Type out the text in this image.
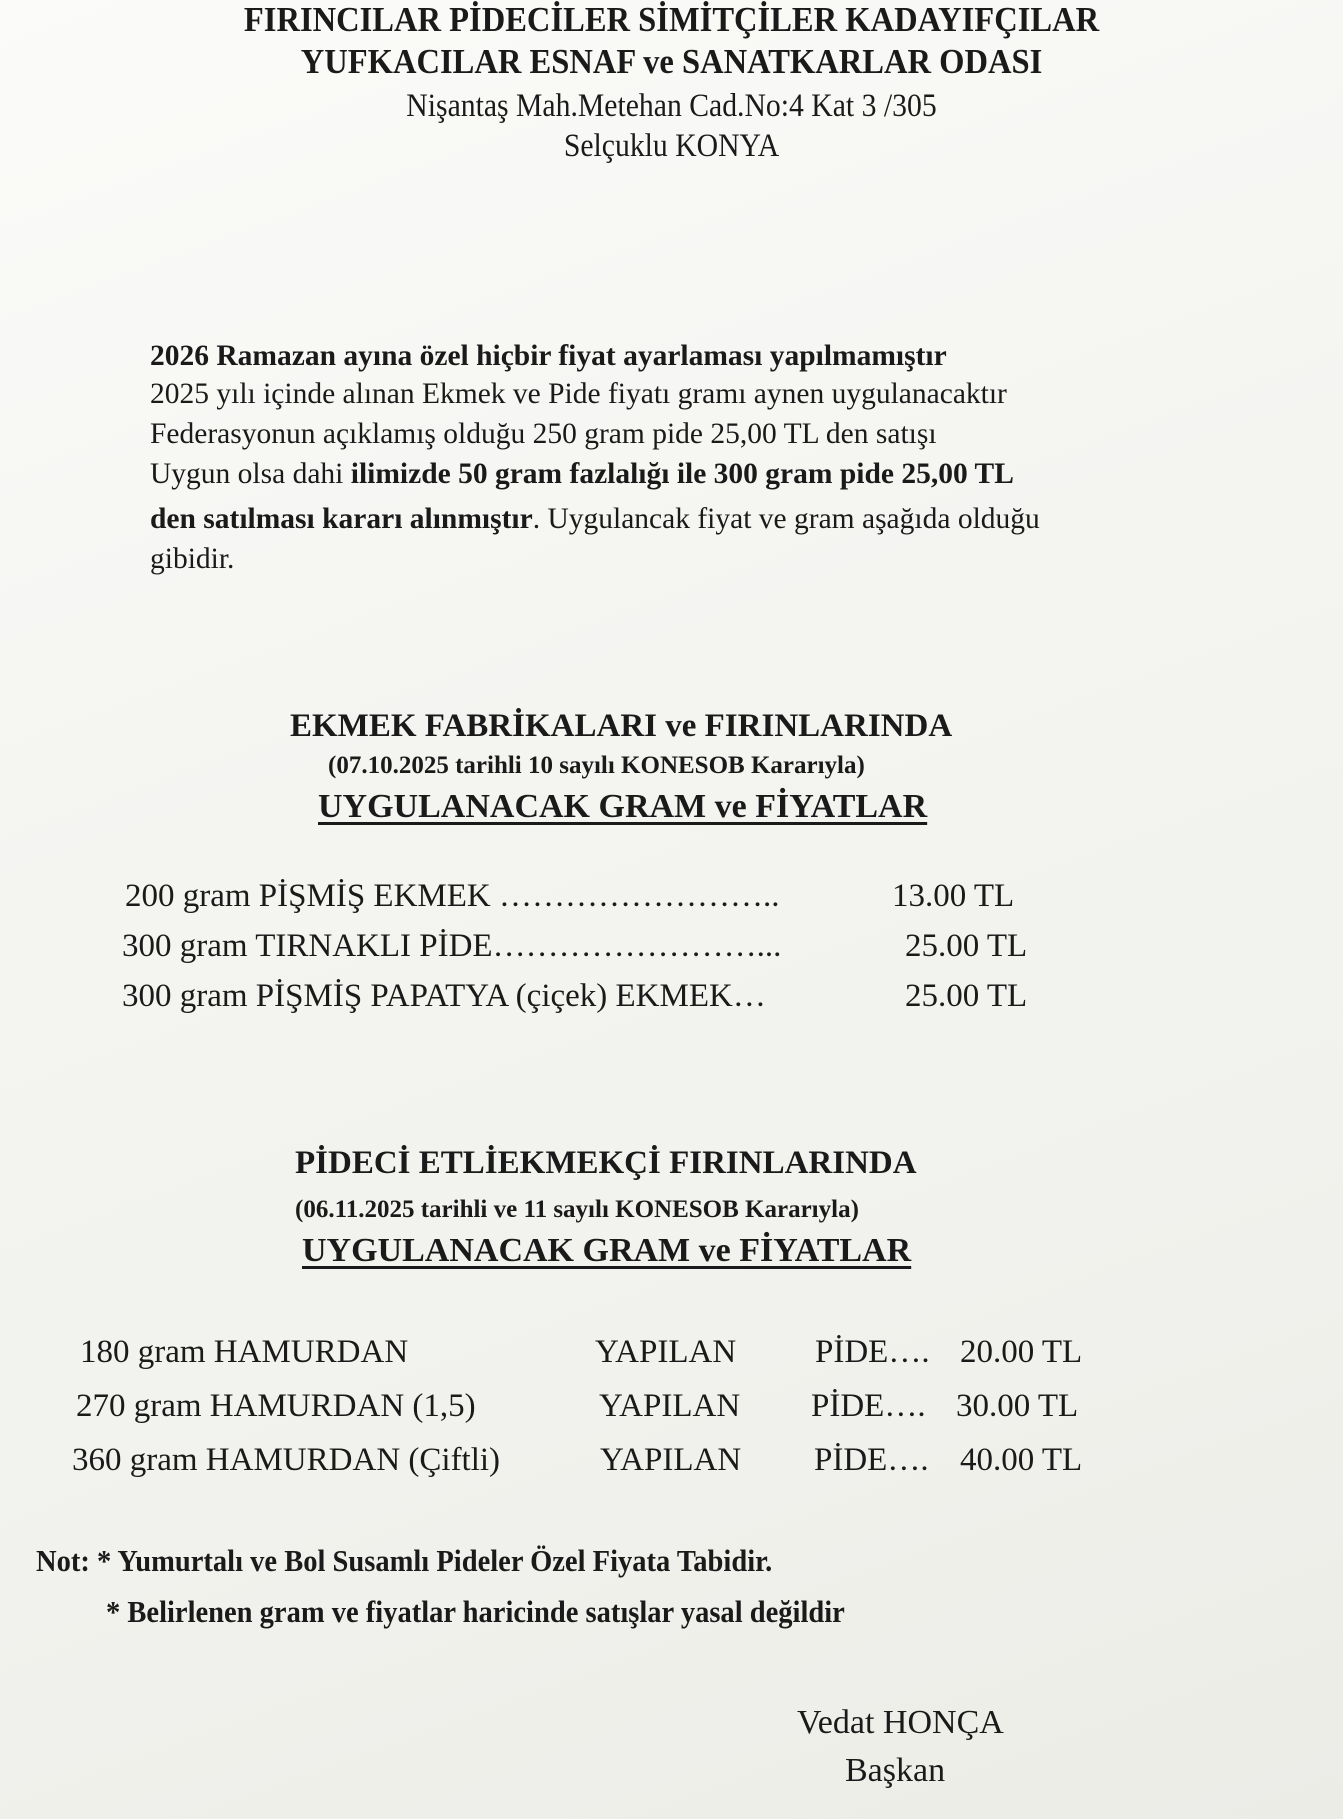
FIRINCILAR PİDECİLER SİMİTÇİLER KADAYIFÇILAR
YUFKACILAR ESNAF ve SANATKARLAR ODASI
Nişantaş Mah.Metehan Cad.No:4 Kat 3 /305
Selçuklu KONYA
2026 Ramazan ayına özel hiçbir fiyat ayarlaması yapılmamıştır
2025 yılı içinde alınan Ekmek ve Pide fiyatı gramı aynen uygulanacaktır
Federasyonun açıklamış olduğu 250 gram pide 25,00 TL den satışı
Uygun olsa dahi ilimizde 50 gram fazlalığı ile 300 gram pide 25,00 TL
den satılması kararı alınmıştır. Uygulancak fiyat ve gram aşağıda olduğu
gibidir.
EKMEK FABRİKALARI ve FIRINLARINDA
(07.10.2025 tarihli 10 sayılı KONESOB Kararıyla)
UYGULANACAK GRAM ve FİYATLAR
200 gram PİŞMİŞ EKMEK ……………………..	13.00 TL
300 gram TIRNAKLI PİDE……………………...	25.00 TL
300 gram PİŞMİŞ PAPATYA (çiçek) EKMEK…	25.00 TL
PİDECİ ETLİEKMEKÇİ FIRINLARINDA
(06.11.2025 tarihli ve 11 sayılı KONESOB Kararıyla)
UYGULANACAK GRAM ve FİYATLAR
180 gram HAMURDAN	YAPILAN PİDE…. 20.00 TL
270 gram HAMURDAN (1,5)	YAPILAN PİDE…. 30.00 TL
360 gram HAMURDAN (Çiftli)	YAPILAN PİDE…. 40.00 TL
Not: * Yumurtalı ve Bol Susamlı Pideler Özel Fiyata Tabidir.
* Belirlenen gram ve fiyatlar haricinde satışlar yasal değildir
Vedat HONÇA
Başkan
